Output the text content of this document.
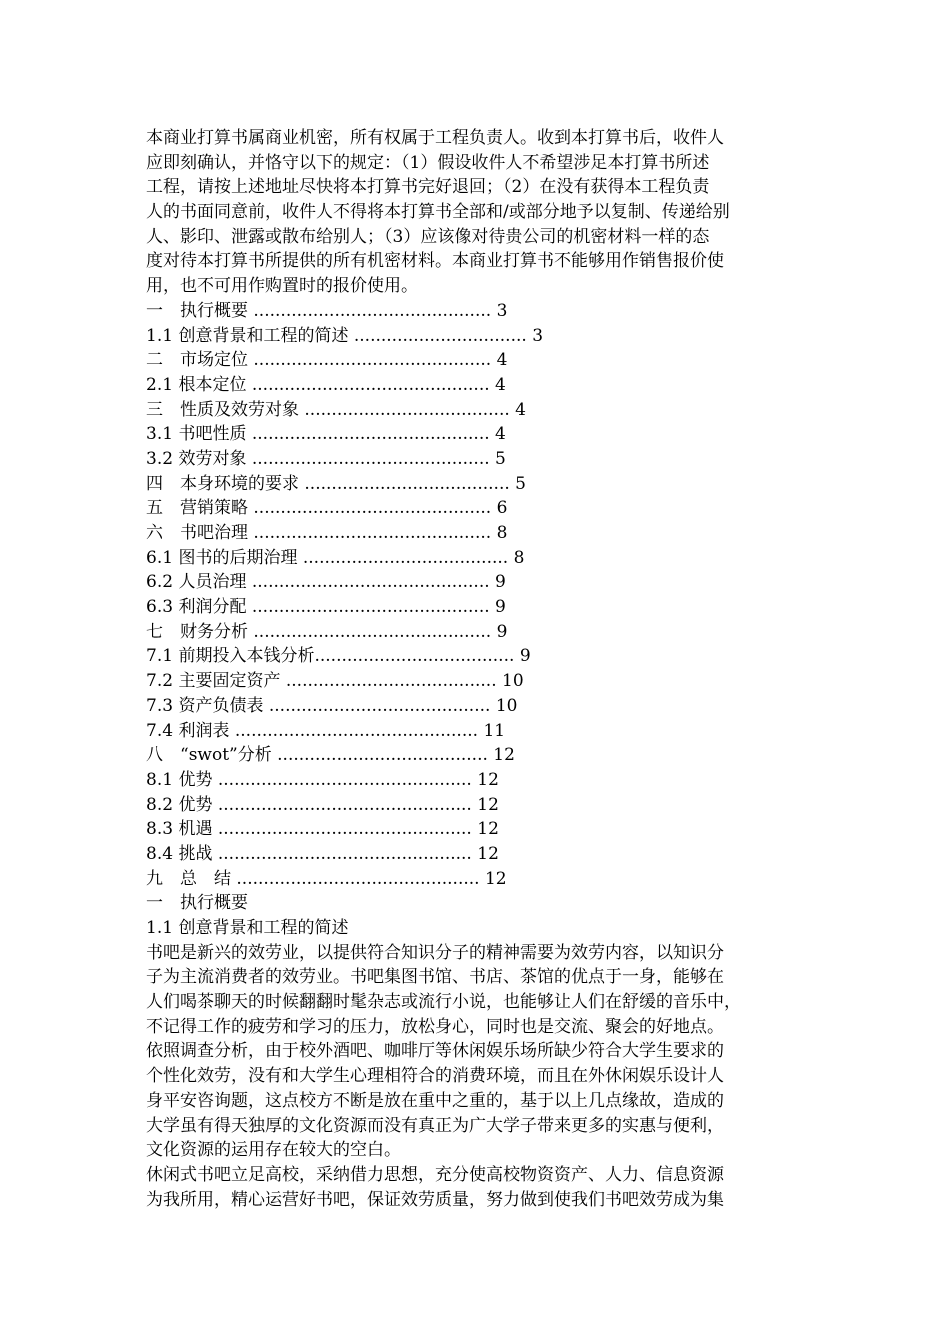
本商业打算书属商业机密，所有权属于工程负责人。收到本打算书后，收件人
应即刻确认，并恪守以下的规定：（1）假设收件人不希望涉足本打算书所述
工程，请按上述地址尽快将本打算书完好退回；（2）在没有获得本工程负责
人的书面同意前，收件人不得将本打算书全部和/或部分地予以复制、传递给别
人、影印、泄露或散布给别人；（3）应该像对待贵公司的机密材料一样的态
度对待本打算书所提供的所有机密材料。本商业打算书不能够用作销售报价使
用，也不可用作购置时的报价使用。
一　执行概要 ............................................ 3
1.1 创意背景和工程的简述 ................................ 3
二　市场定位 ............................................ 4
2.1 根本定位 ............................................ 4
三　性质及效劳对象 ...................................... 4
3.1 书吧性质 ............................................ 4
3.2 效劳对象 ............................................ 5
四　本身环境的要求 ...................................... 5
五　营销策略 ............................................ 6
六　书吧治理 ............................................ 8
6.1 图书的后期治理 ...................................... 8
6.2 人员治理 ............................................ 9
6.3 利润分配 ............................................ 9
七　财务分析 ............................................ 9
7.1 前期投入本钱分析..................................... 9
7.2 主要固定资产 ....................................... 10
7.3 资产负债表 ......................................... 10
7.4 利润表 ............................................. 11
八　“swot”分析 ....................................... 12
8.1 优势 ............................................... 12
8.2 优势 ............................................... 12
8.3 机遇 ............................................... 12
8.4 挑战 ............................................... 12
九　总　结 ............................................. 12
一　执行概要
1.1 创意背景和工程的简述
书吧是新兴的效劳业，以提供符合知识分子的精神需要为效劳内容，以知识分
子为主流消费者的效劳业。书吧集图书馆、书店、茶馆的优点于一身，能够在
人们喝茶聊天的时候翻翻时髦杂志或流行小说，也能够让人们在舒缓的音乐中，
不记得工作的疲劳和学习的压力，放松身心，同时也是交流、聚会的好地点。
依照调查分析，由于校外酒吧、咖啡厅等休闲娱乐场所缺少符合大学生要求的
个性化效劳，没有和大学生心理相符合的消费环境，而且在外休闲娱乐设计人
身平安咨询题，这点校方不断是放在重中之重的，基于以上几点缘故，造成的
大学虽有得天独厚的文化资源而没有真正为广大学子带来更多的实惠与便利，
文化资源的运用存在较大的空白。
休闲式书吧立足高校，采纳借力思想，充分使高校物资资产、人力、信息资源
为我所用，精心运营好书吧，保证效劳质量，努力做到使我们书吧效劳成为集
